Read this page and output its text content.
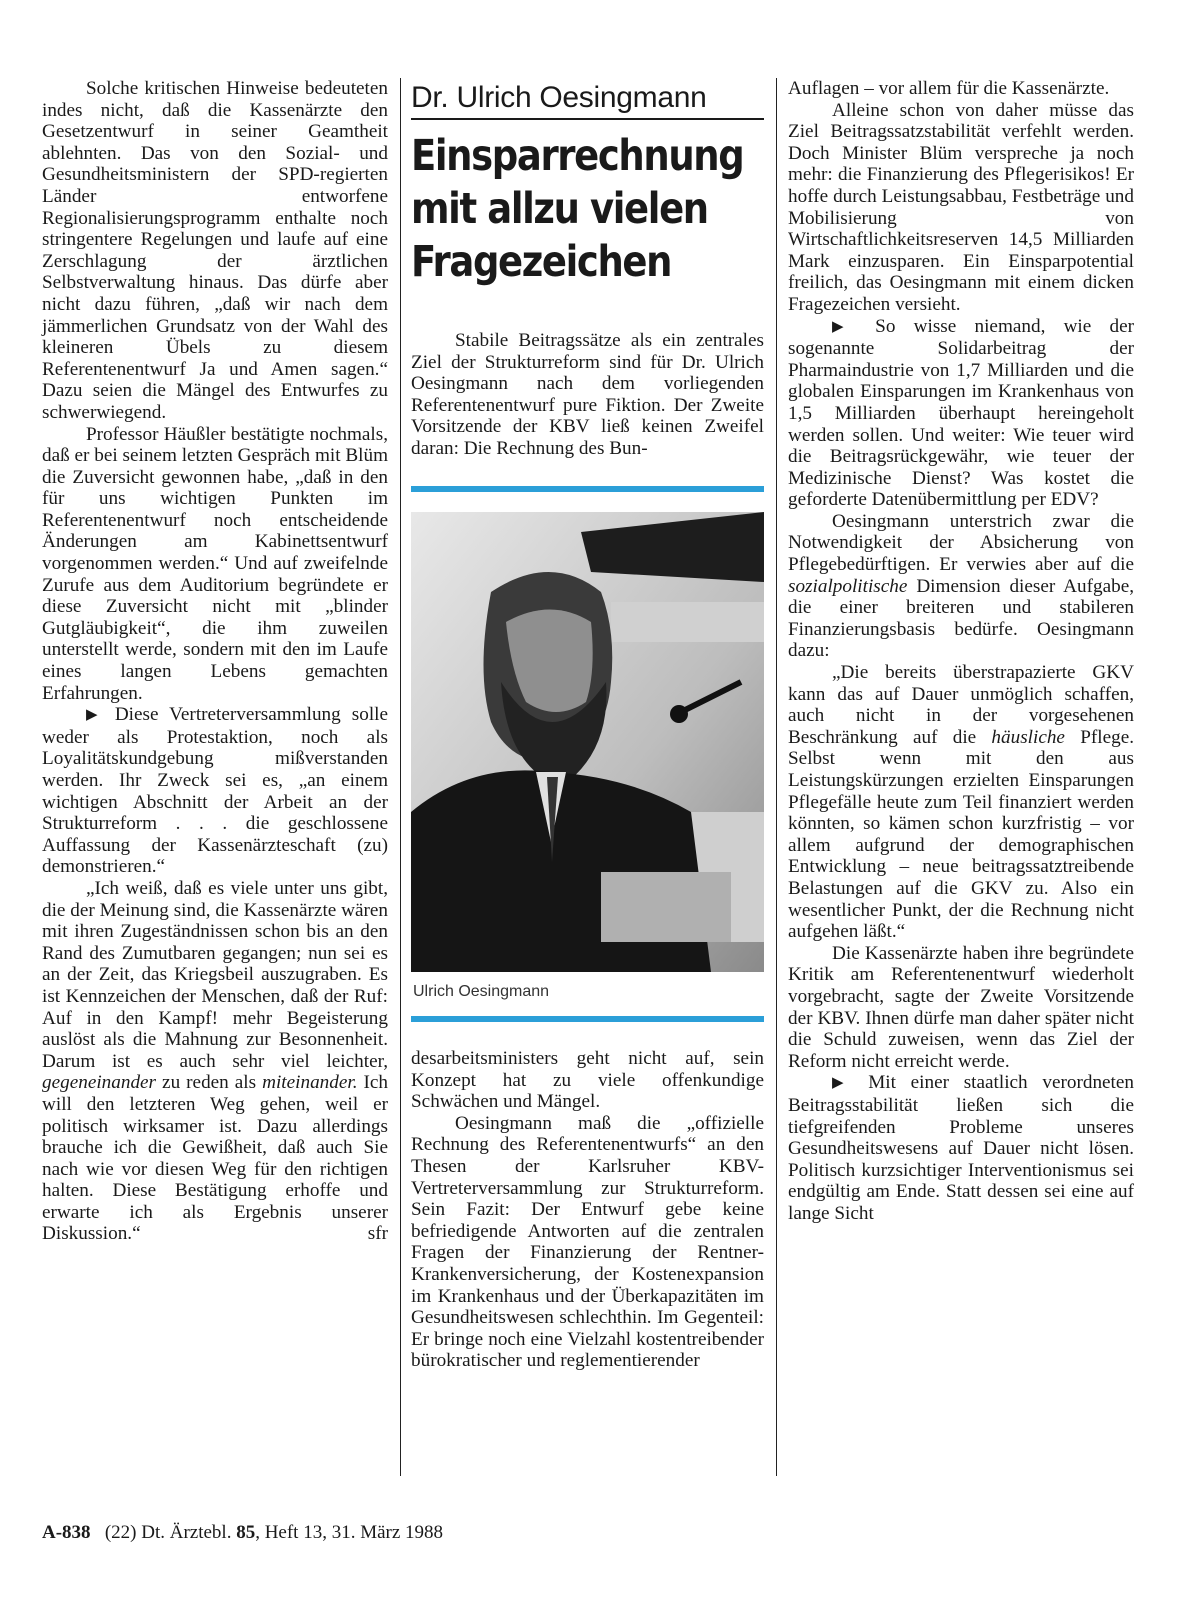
Solche kritischen Hinweise bedeuteten indes nicht, daß die Kassenärzte den Gesetzentwurf in seiner Geamtheit ablehnten. Das von den Sozial- und Gesundheitsministern der SPD-regierten Länder entworfene Regionalisierungsprogramm enthalte noch stringentere Regelungen und laufe auf eine Zerschlagung der ärztlichen Selbstverwaltung hinaus. Das dürfe aber nicht dazu führen, „daß wir nach dem jämmerlichen Grundsatz von der Wahl des kleineren Übels zu diesem Referentenentwurf Ja und Amen sagen.“ Dazu seien die Mängel des Entwurfes zu schwerwiegend.

Professor Häußler bestätigte nochmals, daß er bei seinem letzten Gespräch mit Blüm die Zuversicht gewonnen habe, „daß in den für uns wichtigen Punkten im Referentenentwurf noch entscheidende Änderungen am Kabinettsentwurf vorgenommen werden.“ Und auf zweifelnde Zurufe aus dem Auditorium begründete er diese Zuversicht nicht mit „blinder Gutgläubigkeit“, die ihm zuweilen unterstellt werde, sondern mit den im Laufe eines langen Lebens gemachten Erfahrungen.

▶ Diese Vertreterversammlung solle weder als Protestaktion, noch als Loyalitätskundgebung mißverstanden werden. Ihr Zweck sei es, „an einem wichtigen Abschnitt der Arbeit an der Strukturreform . . . die geschlossene Auffassung der Kassenärzteschaft (zu) demonstrieren.“

„Ich weiß, daß es viele unter uns gibt, die der Meinung sind, die Kassenärzte wären mit ihren Zugeständnissen schon bis an den Rand des Zumutbaren gegangen; nun sei es an der Zeit, das Kriegsbeil auszugraben. Es ist Kennzeichen der Menschen, daß der Ruf: Auf in den Kampf! mehr Begeisterung auslöst als die Mahnung zur Besonnenheit. Darum ist es auch sehr viel leichter, gegeneinander zu reden als miteinander. Ich will den letzteren Weg gehen, weil er politisch wirksamer ist. Dazu allerdings brauche ich die Gewißheit, daß auch Sie nach wie vor diesen Weg für den richtigen halten. Diese Bestätigung erhoffe und erwarte ich als Ergebnis unserer Diskussion.“	sfr

Dr. Ulrich Oesingmann
Einsparrechnung
mit allzu vielen
Fragezeichen

Stabile Beitragssätze als ein zentrales Ziel der Strukturreform sind für Dr. Ulrich Oesingmann nach dem vorliegenden Referentenentwurf pure Fiktion. Der Zweite Vorsitzende der KBV ließ keinen Zweifel daran: Die Rechnung des Bun-

Ulrich Oesingmann

desarbeitsministers geht nicht auf, sein Konzept hat zu viele offenkundige Schwächen und Mängel.

Oesingmann maß die „offizielle Rechnung des Referentenentwurfs“ an den Thesen der Karlsruher KBV-Vertreterversammlung zur Strukturreform. Sein Fazit: Der Entwurf gebe keine befriedigende Antworten auf die zentralen Fragen der Finanzierung der Rentner-Krankenversicherung, der Kostenexpansion im Krankenhaus und der Überkapazitäten im Gesundheitswesen schlechthin. Im Gegenteil: Er bringe noch eine Vielzahl kostentreibender bürokratischer und reglementierender

Auflagen – vor allem für die Kassenärzte.

Alleine schon von daher müsse das Ziel Beitragssatzstabilität verfehlt werden. Doch Minister Blüm verspreche ja noch mehr: die Finanzierung des Pflegerisikos! Er hoffe durch Leistungsabbau, Festbeträge und Mobilisierung von Wirtschaftlichkeitsreserven 14,5 Milliarden Mark einzusparen. Ein Einsparpotential freilich, das Oesingmann mit einem dicken Fragezeichen versieht.

▶ So wisse niemand, wie der sogenannte Solidarbeitrag der Pharmaindustrie von 1,7 Milliarden und die globalen Einsparungen im Krankenhaus von 1,5 Milliarden überhaupt hereingeholt werden sollen. Und weiter: Wie teuer wird die Beitragsrückgewähr, wie teuer der Medizinische Dienst? Was kostet die geforderte Datenübermittlung per EDV?

Oesingmann unterstrich zwar die Notwendigkeit der Absicherung von Pflegebedürftigen. Er verwies aber auf die sozialpolitische Dimension dieser Aufgabe, die einer breiteren und stabileren Finanzierungsbasis bedürfe. Oesingmann dazu:

„Die bereits überstrapazierte GKV kann das auf Dauer unmöglich schaffen, auch nicht in der vorgesehenen Beschränkung auf die häusliche Pflege. Selbst wenn mit den aus Leistungskürzungen erzielten Einsparungen Pflegefälle heute zum Teil finanziert werden könnten, so kämen schon kurzfristig – vor allem aufgrund der demographischen Entwicklung – neue beitragssatztreibende Belastungen auf die GKV zu. Also ein wesentlicher Punkt, der die Rechnung nicht aufgehen läßt.“

Die Kassenärzte haben ihre begründete Kritik am Referentenentwurf wiederholt vorgebracht, sagte der Zweite Vorsitzende der KBV. Ihnen dürfe man daher später nicht die Schuld zuweisen, wenn das Ziel der Reform nicht erreicht werde.

▶ Mit einer staatlich verordneten Beitragsstabilität ließen sich die tiefgreifenden Probleme unseres Gesundheitswesens auf Dauer nicht lösen. Politisch kurzsichtiger Interventionismus sei endgültig am Ende. Statt dessen sei eine auf lange Sicht

A-838 (22) Dt. Ärztebl. 85, Heft 13, 31. März 1988
